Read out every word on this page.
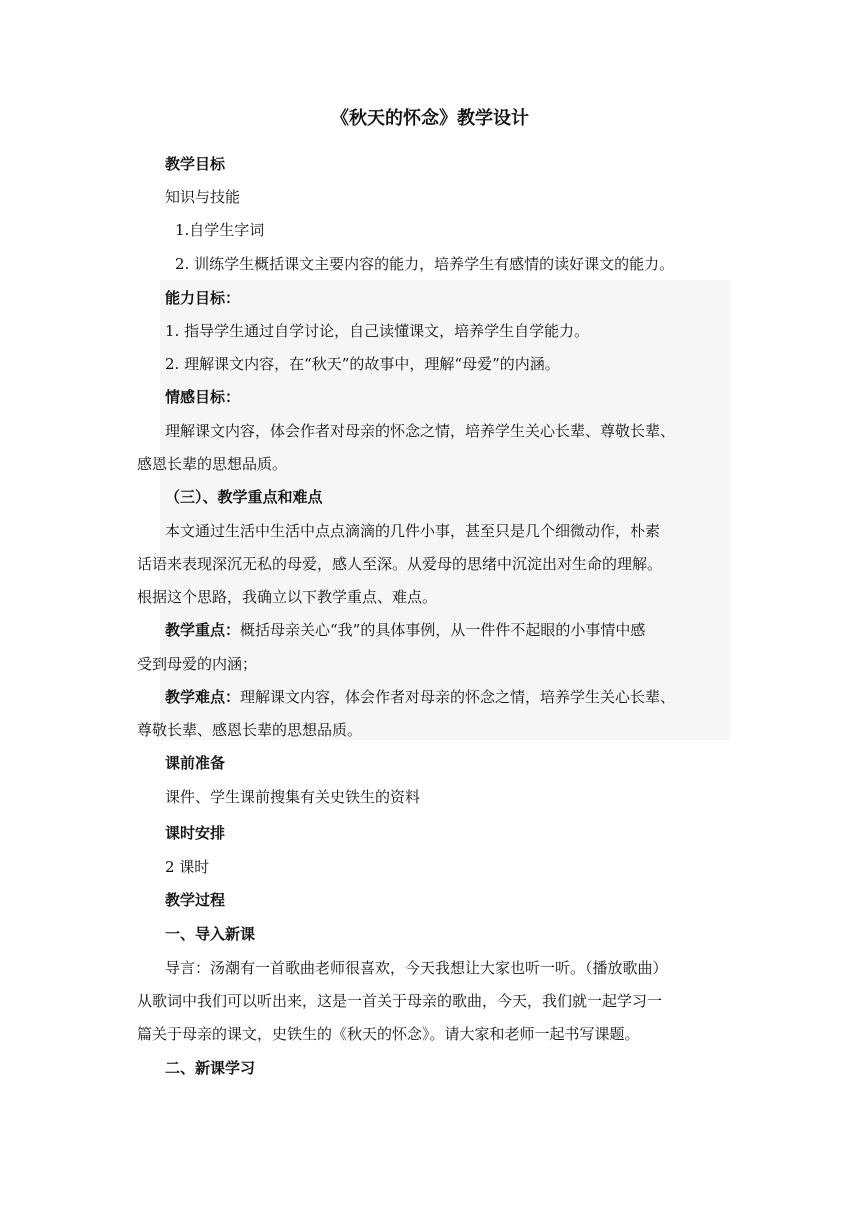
《秋天的怀念》教学设计
教学目标
知识与技能
1.自学生字词
2. 训练学生概括课文主要内容的能力，培养学生有感情的读好课文的能力。
能力目标：
1. 指导学生通过自学讨论，自己读懂课文，培养学生自学能力。
2. 理解课文内容，在“秋天”的故事中，理解“母爱”的内涵。
情感目标：
理解课文内容，体会作者对母亲的怀念之情，培养学生关心长辈、尊敬长辈、
感恩长辈的思想品质。
（三）、教学重点和难点
本文通过生活中生活中点点滴滴的几件小事，甚至只是几个细微动作，朴素
话语来表现深沉无私的母爱，感人至深。从爱母的思绪中沉淀出对生命的理解。
根据这个思路，我确立以下教学重点、难点。
教学重点：概括母亲关心“我”的具体事例，从一件件不起眼的小事情中感
受到母爱的内涵；
教学难点：理解课文内容，体会作者对母亲的怀念之情，培养学生关心长辈、
尊敬长辈、感恩长辈的思想品质。
课前准备
课件、学生课前搜集有关史铁生的资料
课时安排
2 课时
教学过程
一、导入新课
导言：汤潮有一首歌曲老师很喜欢，今天我想让大家也听一听。（播放歌曲）
从歌词中我们可以听出来，这是一首关于母亲的歌曲，今天，我们就一起学习一
篇关于母亲的课文，史铁生的《秋天的怀念》。请大家和老师一起书写课题。
二、新课学习
